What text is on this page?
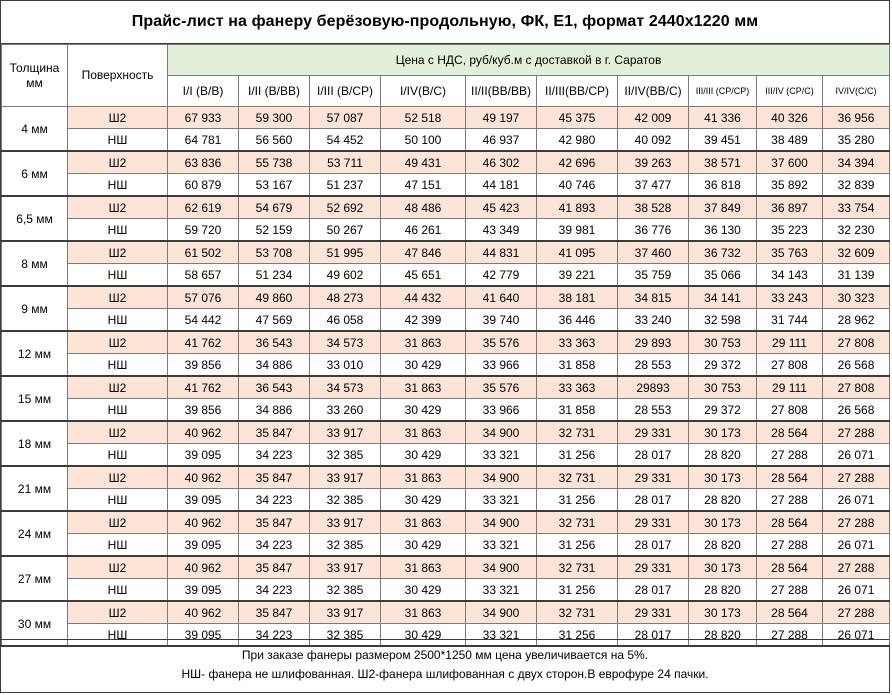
Прайс-лист на фанеру берёзовую-продольную, ФК, Е1, формат 2440х1220 мм
Толщина мм	Поверхность	Цена с НДС, руб/куб.м с доставкой в г. Саратов									
		I/I (B/B)	I/II (B/BB)	I/III (B/CP)	I/IV(B/C)	II/II(BB/BB)	II/III(BB/CP)	II/IV(BB/C)	III/III (CP/CP)	III/IV (CP/C)	IV/IV(C/C)
4 мм	Ш2	67 933	59 300	57 087	52 518	49 197	45 375	42 009	41 336	40 326	36 956
	НШ	64 781	56 560	54 452	50 100	46 937	42 980	40 092	39 451	38 489	35 280
6 мм	Ш2	63 836	55 738	53 711	49 431	46 302	42 696	39 263	38 571	37 600	34 394
	НШ	60 879	53 167	51 237	47 151	44 181	40 746	37 477	36 818	35 892	32 839
6,5 мм	Ш2	62 619	54 679	52 692	48 486	45 423	41 893	38 528	37 849	36 897	33 754
	НШ	59 720	52 159	50 267	46 261	43 349	39 981	36 776	36 130	35 223	32 230
8 мм	Ш2	61 502	53 708	51 995	47 846	44 831	41 095	37 460	36 732	35 763	32 609
	НШ	58 657	51 234	49 602	45 651	42 779	39 221	35 759	35 066	34 143	31 139
9 мм	Ш2	57 076	49 860	48 273	44 432	41 640	38 181	34 815	34 141	33 243	30 323
	НШ	54 442	47 569	46 058	42 399	39 740	36 446	33 240	32 598	31 744	28 962
12 мм	Ш2	41 762	36 543	34 573	31 863	35 576	33 363	29 893	30 753	29 111	27 808
	НШ	39 856	34 886	33 010	30 429	33 966	31 858	28 553	29 372	27 808	26 568
15 мм	Ш2	41 762	36 543	34 573	31 863	35 576	33 363	29893	30 753	29 111	27 808
	НШ	39 856	34 886	33 260	30 429	33 966	31 858	28 553	29 372	27 808	26 568
18 мм	Ш2	40 962	35 847	33 917	31 863	34 900	32 731	29 331	30 173	28 564	27 288
	НШ	39 095	34 223	32 385	30 429	33 321	31 256	28 017	28 820	27 288	26 071
21 мм	Ш2	40 962	35 847	33 917	31 863	34 900	32 731	29 331	30 173	28 564	27 288
	НШ	39 095	34 223	32 385	30 429	33 321	31 256	28 017	28 820	27 288	26 071
24 мм	Ш2	40 962	35 847	33 917	31 863	34 900	32 731	29 331	30 173	28 564	27 288
	НШ	39 095	34 223	32 385	30 429	33 321	31 256	28 017	28 820	27 288	26 071
27 мм	Ш2	40 962	35 847	33 917	31 863	34 900	32 731	29 331	30 173	28 564	27 288
	НШ	39 095	34 223	32 385	30 429	33 321	31 256	28 017	28 820	27 288	26 071
30 мм	Ш2	40 962	35 847	33 917	31 863	34 900	32 731	29 331	30 173	28 564	27 288
	НШ	39 095	34 223	32 385	30 429	33 321	31 256	28 017	28 820	27 288	26 071
При заказе фанеры размером 2500*1250 мм цена увеличивается на 5%.
НШ- фанера не шлифованная. Ш2-фанера шлифованная с двух сторон.В еврофуре 24 пачки.
